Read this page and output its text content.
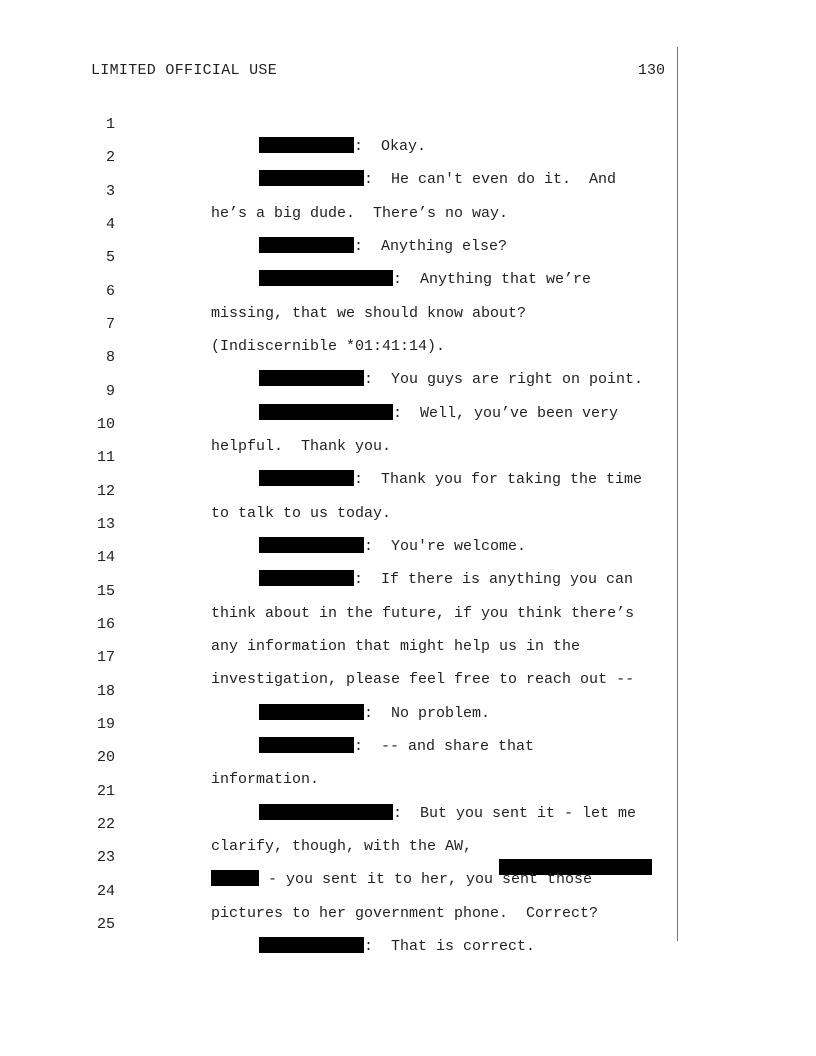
LIMITED OFFICIAL USE	130

1

:  Okay.

2

:  He can't even do it.  And

3

he’s a big dude.  There’s no way.

4

:  Anything else?

5

:  Anything that we’re

6

missing, that we should know about?

7

(Indiscernible *01:41:14).

8

:  You guys are right on point.

9

:  Well, you’ve been very

10

helpful.  Thank you.

11

:  Thank you for taking the time

12

to talk to us today.

13

:  You're welcome.

14

:  If there is anything you can

15

think about in the future, if you think there’s

16

any information that might help us in the

17

investigation, please feel free to reach out --

18

:  No problem.

19

:  -- and share that

20

information.

21

:  But you sent it - let me

22

clarify, though, with the AW,

23

- you sent it to her, you sent those

24

pictures to her government phone.  Correct?

25

:  That is correct.
